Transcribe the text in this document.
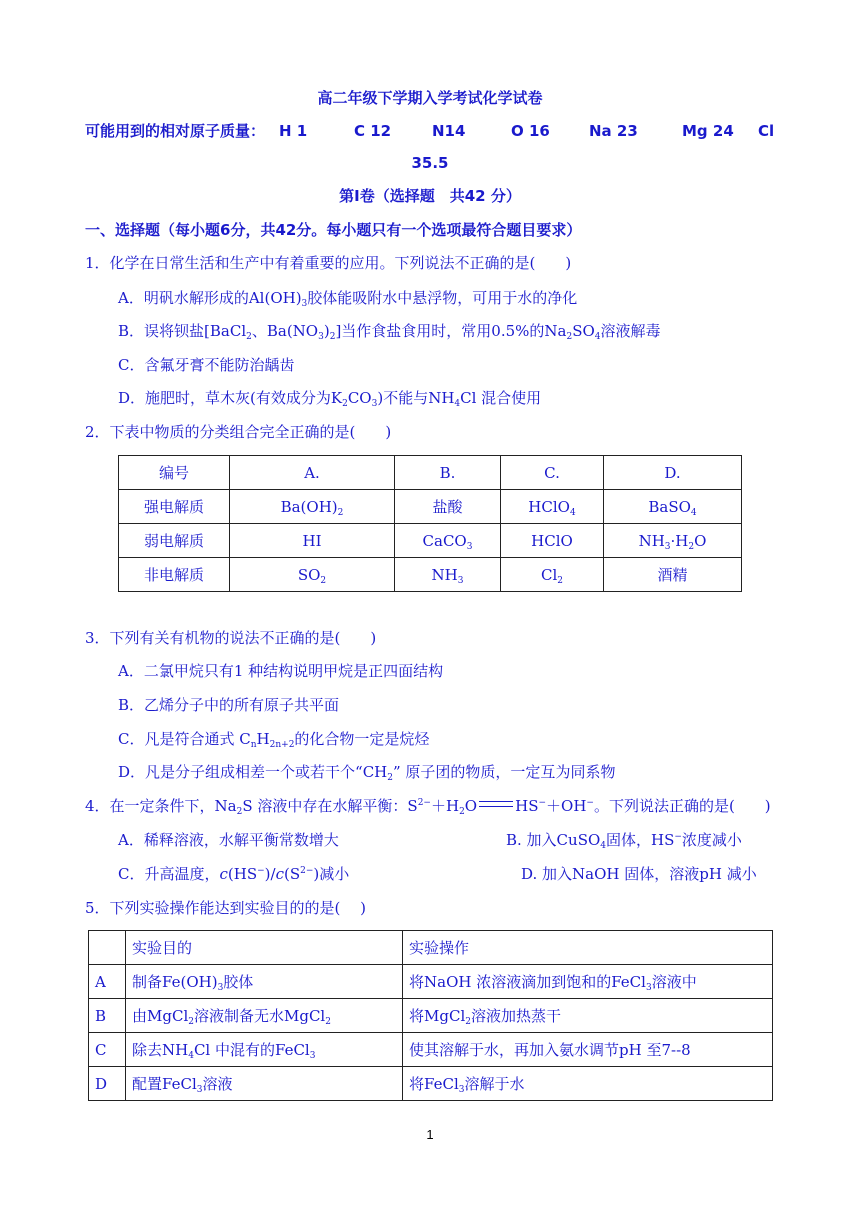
高二年级下学期入学考试化学试卷
可能用到的相对原子质量： H 1	C 12	N14	O 16	Na 23	Mg 24 Cl
35.5
第Ⅰ卷（选择题　共42 分）
一、选择题（每小题6分，共42分。每小题只有一个选项最符合题目要求）
1．化学在日常生活和生产中有着重要的应用。下列说法不正确的是(　　)
A．明矾水解形成的$Al(OH)_3$胶体能吸附水中悬浮物，可用于水的净化
B．误将钡盐[BaCl$_2$、$Ba(NO_3)_2$]当作食盐食用时，常用0.5%的$Na_2SO_4$溶液解毒
C．含氟牙膏不能防治龋齿
D．施肥时，草木灰(有效成分为$K_2CO_3$)不能与$NH_4Cl$ 混合使用
2．下表中物质的分类组合完全正确的是(　　)
编号	A.	B.	C.	D.
强电解质	$Ba(OH)_2$	盐酸	HClO$_4$	BaSO$_4$
弱电解质	HI	CaCO$_3$	HClO	$NH_3\cdot H_2O$
非电解质	$SO_2$	$NH_3$	$Cl_2$	酒精
3．下列有关有机物的说法不正确的是(　　)
A．二氯甲烷只有1 种结构说明甲烷是正四面结构
B．乙烯分子中的所有原子共平面
C．凡是符合通式 $C_nH_{2n+2}$的化合物一定是烷烃
D．凡是分子组成相差一个或若干个“$CH_2$” 原子团的物质，一定互为同系物
4．在一定条件下，$Na_2S$ 溶液中存在水解平衡：$S^{2-}+H_2O$	HS−＋OH−。下列说法正确的是(　　)
A．稀释溶液，水解平衡常数增大	B. 加入CuSO$_4$固体，HS−浓度减小
C．升高温度，$c(HS^-)/c(S^{2-})$减小	D. 加入NaOH 固体，溶液pH 减小
5．下列实验操作能达到实验目的的是(　 )
	实验目的	实验操作
A	制备$Fe(OH)_3$胶体	将NaOH 浓溶液滴加到饱和的FeCl$_3$溶液中
B	由MgCl$_2$溶液制备无水MgCl$_2$	将MgCl$_2$溶液加热蒸干
C	除去$NH_4Cl$ 中混有的FeCl$_3$	使其溶解于水，再加入氨水调节pH 至7--8
D	配置FeCl$_3$溶液	将FeCl$_3$溶解于水
1
